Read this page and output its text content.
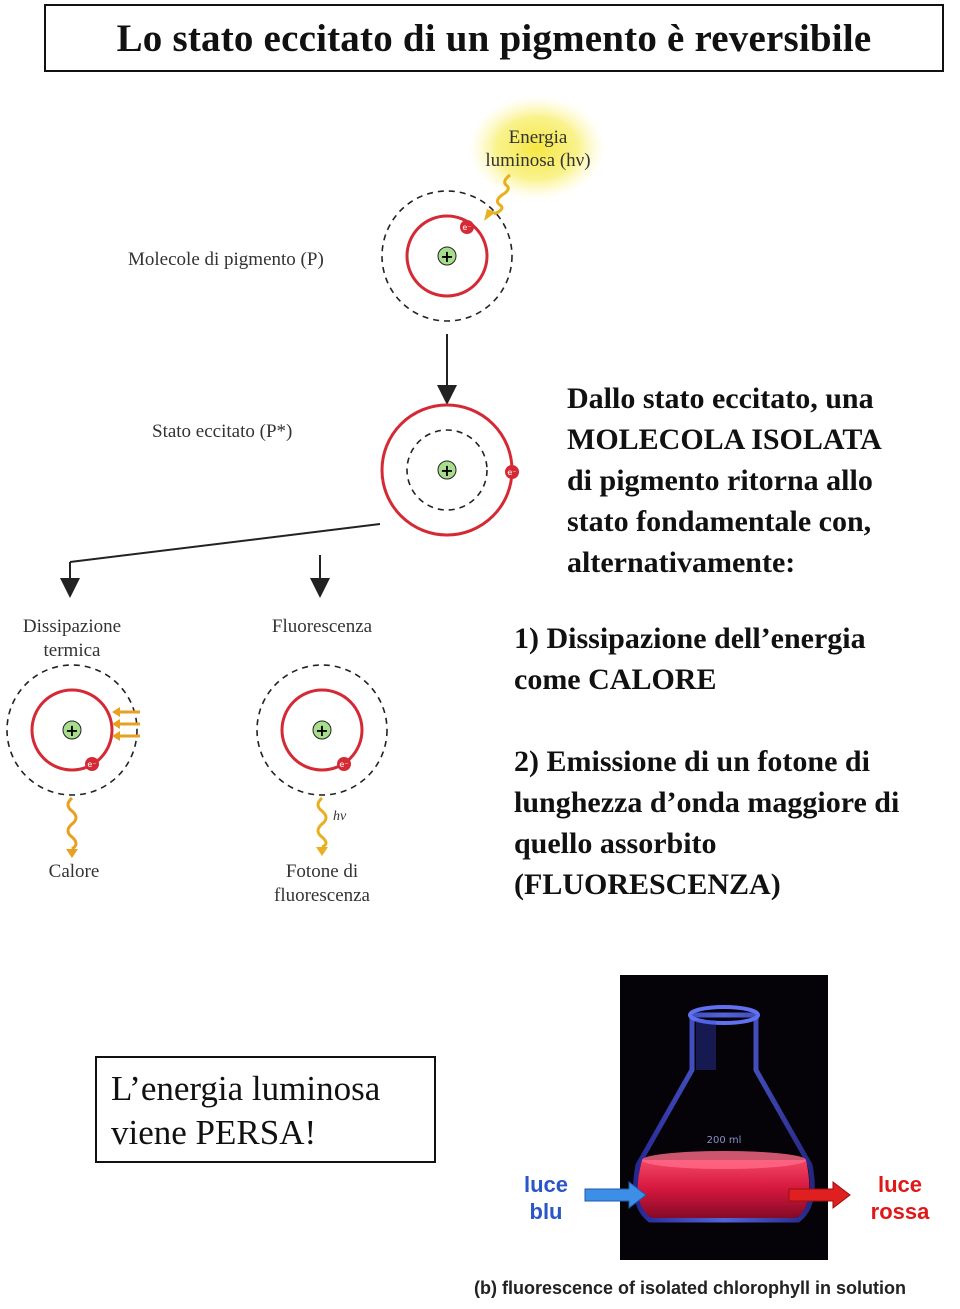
Lo stato eccitato di un pigmento è reversibile
Energia
luminosa (hν)
Molecole di pigmento (P)	+
e⁻
Stato eccitato (P*)
+	e⁻
Dissipazione
termica
Fluorescenza
+
e⁻
Calore
+
e⁻
hν
Fotone di
fluorescenza
Dallo stato eccitato, una
MOLECOLA ISOLATA
di pigmento ritorna allo
stato fondamentale con,
alternativamente:
1) Dissipazione dell’energia
come CALORE
2) Emissione di un fotone di
lunghezza d’onda maggiore di
quello assorbito
(FLUORESCENZA)
L’energia luminosa
viene PERSA!	200 ml
luce
blu
luce
rossa
(b) fluorescence of isolated chlorophyll in solution
